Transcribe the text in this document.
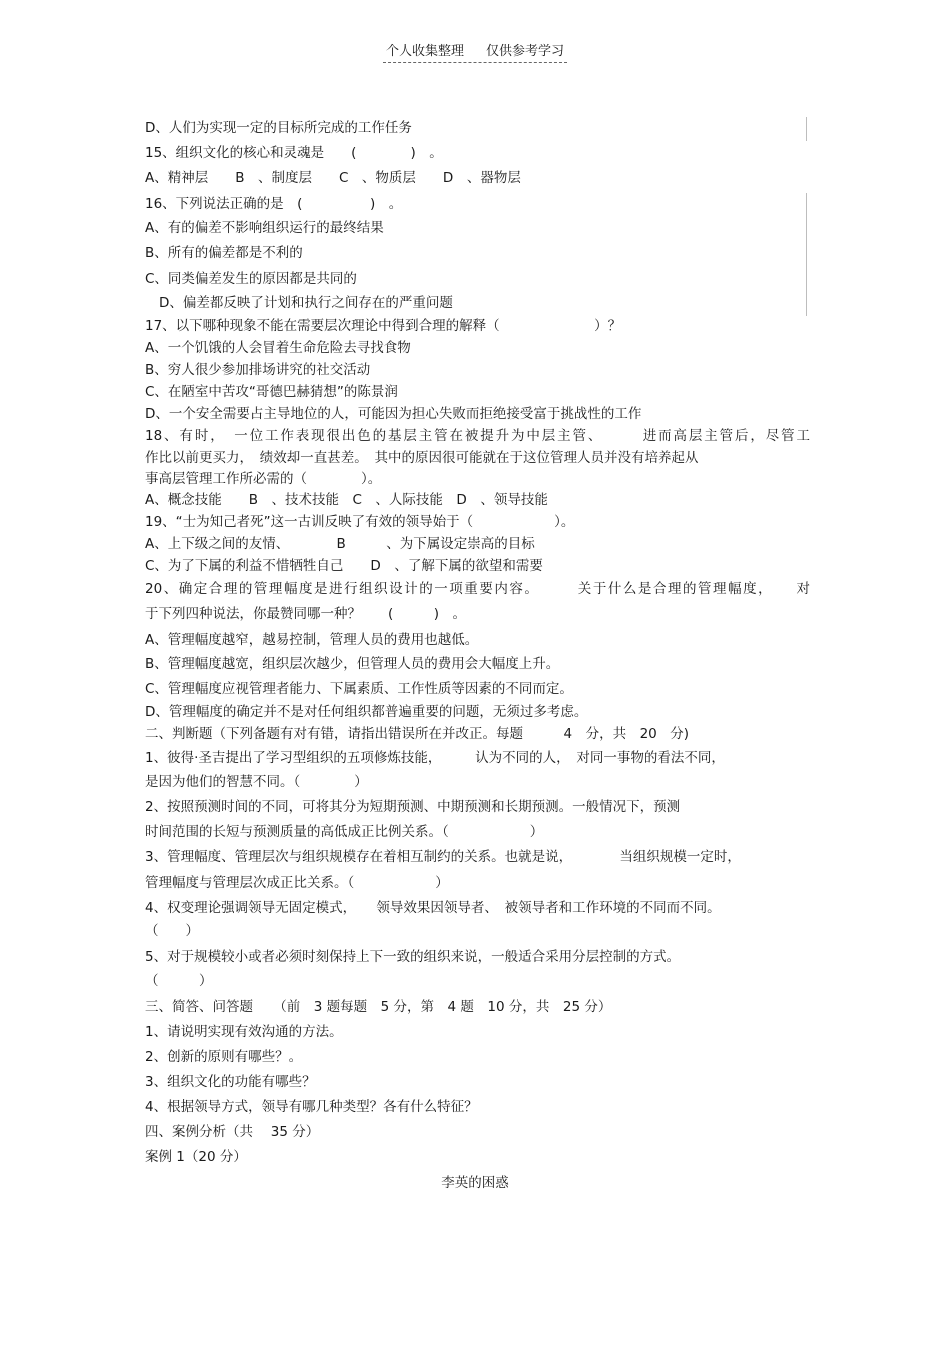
个人收集整理 仅供参考学习
D、人们为实现一定的目标所完成的工作任务
15、组织文化的核心和灵魂是　　(　　　　)　。
A、精神层　　B　、制度层　　C　、物质层　　D　、器物层
16、下列说法正确的是　(　　　　　)　。
A、有的偏差不影响组织运行的最终结果
B、所有的偏差都是不利的
C、同类偏差发生的原因都是共同的
D、偏差都反映了计划和执行之间存在的严重问题
17、以下哪种现象不能在需要层次理论中得到合理的解释（　　　　　　　）？
A、一个饥饿的人会冒着生命危险去寻找食物
B、穷人很少参加排场讲究的社交活动
C、在陋室中苦攻“哥德巴赫猜想”的陈景润
D、一个安全需要占主导地位的人，可能因为担心失败而拒绝接受富于挑战性的工作
18、有时，　一位工作表现很出色的基层主管在被提升为中层主管、　　　进而高层主管后，尽管工
作比以前更买力，　绩效却一直甚差。　其中的原因很可能就在于这位管理人员并没有培养起从
事高层管理工作所必需的（　　　　）。
A、概念技能　　B　、技术技能　C　、人际技能　D　、领导技能
19、“士为知己者死”这一古训反映了有效的领导始于（　　　　　　）。
A、上下级之间的友情、　　　　B　　　、为下属设定崇高的目标
C、为了下属的利益不惜牺牲自己　　D　、了解下属的欲望和需要
20、确定合理的管理幅度是进行组织设计的一项重要内容。　　　关于什么是合理的管理幅度，　　对
于下列四种说法，你最赞同哪一种？　　(　　　)　。
A、管理幅度越窄，越易控制，管理人员的费用也越低。
B、管理幅度越宽，组织层次越少，但管理人员的费用会大幅度上升。
C、管理幅度应视管理者能力、下属素质、工作性质等因素的不同而定。
D、管理幅度的确定并不是对任何组织都普遍重要的问题，无须过多考虑。
二、判断题（下列备题有对有错，请指出错误所在并改正。每题　　　4　分，共　20　分)
1、彼得·圣吉提出了学习型组织的五项修炼技能，　　　认为不同的人，　对同一事物的看法不同，
是因为他们的智慧不同。（　　　　）
2、按照预测时间的不同，可将其分为短期预测、中期预测和长期预测。一般情况下，预测
时间范围的长短与预测质量的高低成正比例关系。（　　　　　　）
3、管理幅度、管理层次与组织规模存在着相互制约的关系。也就是说，　　　　当组织规模一定时，
管理幅度与管理层次成正比关系。（　　　　　　）
4、权变理论强调领导无固定模式，　　领导效果因领导者、　被领导者和工作环境的不同而不同。
（　　）
5、对于规模较小或者必须时刻保持上下一致的组织来说，一般适合采用分层控制的方式。
（　　　）
三、简答、问答题　　（前　3 题每题　5 分，第　4 题　10 分，共　25 分）
1、请说明实现有效沟通的方法。
2、创新的原则有哪些？。
3、组织文化的功能有哪些？
4、根据领导方式，领导有哪几种类型？各有什么特征？
四、案例分析（共　 35 分）
案例 1（20 分）
李英的困惑
